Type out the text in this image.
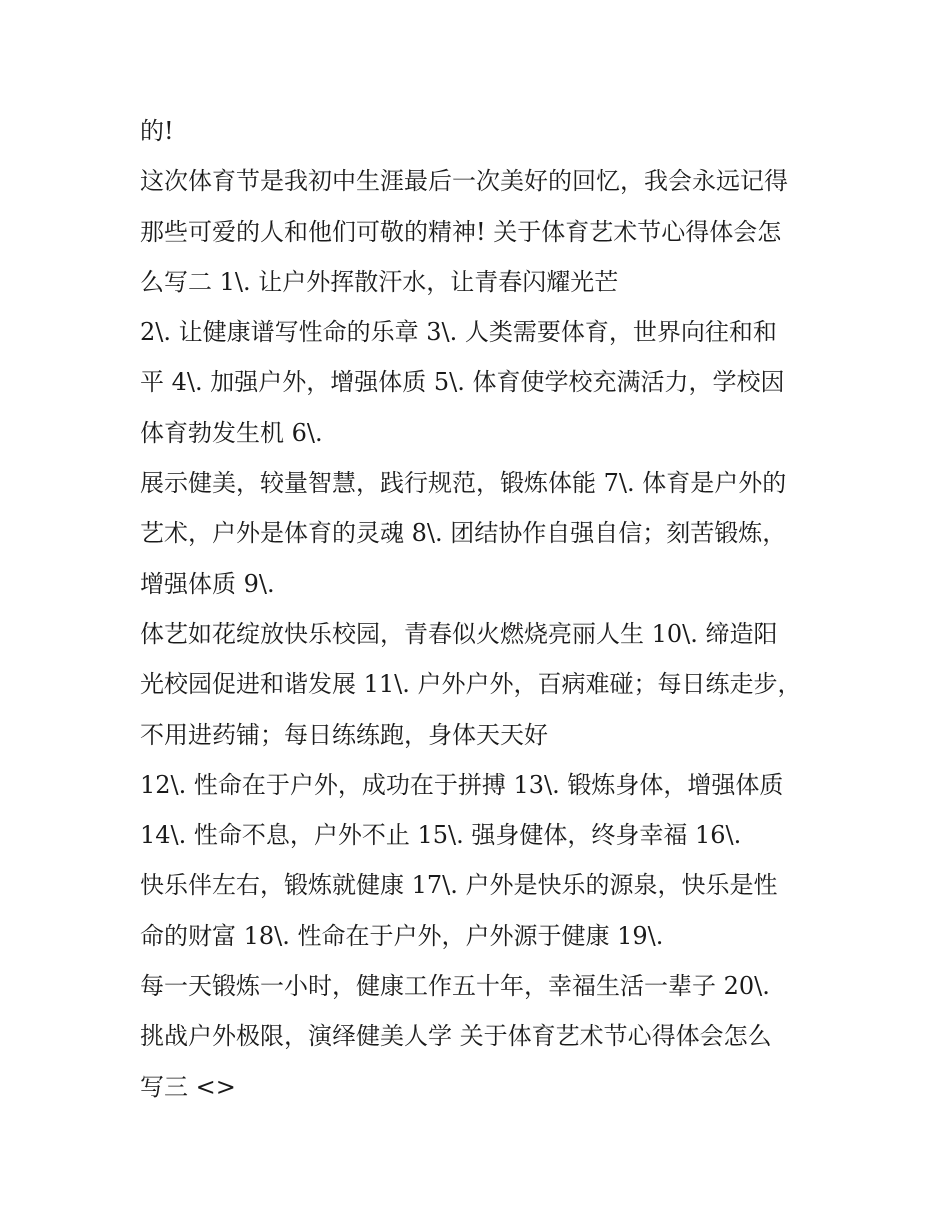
的!
这次体育节是我初中生涯最后一次美好的回忆，我会永远记得
那些可爱的人和他们可敬的精神! 关于体育艺术节心得体会怎
么写二 1\. 让户外挥散汗水，让青春闪耀光芒
2\. 让健康谱写性命的乐章 3\. 人类需要体育，世界向往和和
平 4\. 加强户外，增强体质 5\. 体育使学校充满活力，学校因
体育勃发生机 6\.
展示健美，较量智慧，践行规范，锻炼体能 7\. 体育是户外的
艺术，户外是体育的灵魂 8\. 团结协作自强自信；刻苦锻炼，
增强体质 9\.
体艺如花绽放快乐校园，青春似火燃烧亮丽人生 10\. 缔造阳
光校园促进和谐发展 11\. 户外户外，百病难碰；每日练走步，
不用进药铺；每日练练跑，身体天天好
12\. 性命在于户外，成功在于拼搏 13\. 锻炼身体，增强体质
14\. 性命不息，户外不止 15\. 强身健体，终身幸福 16\.
快乐伴左右，锻炼就健康 17\. 户外是快乐的源泉，快乐是性
命的财富 18\. 性命在于户外，户外源于健康 19\.
每一天锻炼一小时，健康工作五十年，幸福生活一辈子 20\.
挑战户外极限，演绎健美人学 关于体育艺术节心得体会怎么
写三 <>
